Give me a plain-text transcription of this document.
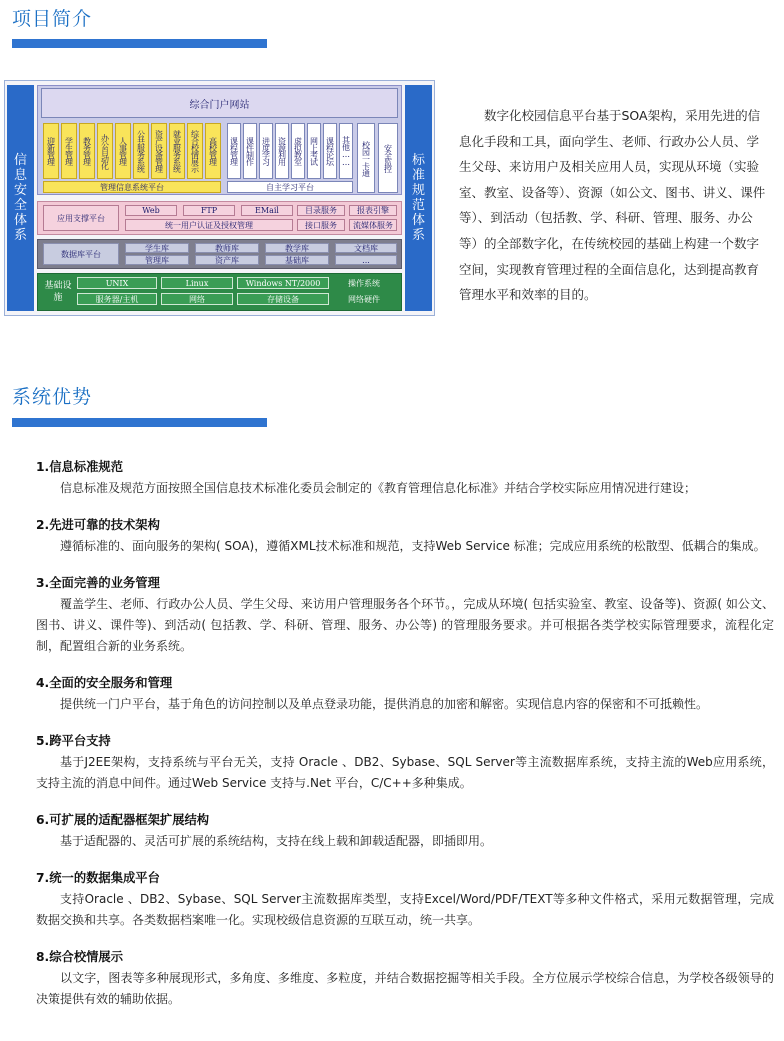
项目简介
信息安全体系
标准规范体系
综合门户网站
迎新管理	学生管理	教务管理	办公自动化	人事管理	公共服务系统	资产设备管理	就业服务系统	综合校情展示	高校管理
管理信息系统平台
课程管理 课件制作 进度学习 资源利用 虚拟教室 网上考试 课程论坛 其他……
自主学习平台
校园一卡通	安全监控
应用支撑平台
Web	FTP	EMail	目录服务	报表引擎
统一用户认证及授权管理	接口服务	流媒体服务
数据库平台
学生库	教师库	教学库	文档库
管理库	资产库	基础库	...
基础设施
UNIX	Linux	Windows NT/2000	操作系统
服务器/主机	网络	存储设备	网络硬件
数字化校园信息平台基于SOA架构，采用先进的信息化手段和工具，面向学生、老师、行政办公人员、学生父母、来访用户及相关应用人员，实现从环境（实验室、教室、设备等）、资源（如公文、图书、讲义、课件等）、到活动（包括教、学、科研、管理、服务、办公等）的全部数字化，在传统校园的基础上构建一个数字空间，实现教育管理过程的全面信息化，达到提高教育管理水平和效率的目的。
系统优势
1.信息标准规范
信息标准及规范方面按照全国信息技术标准化委员会制定的《教育管理信息化标准》并结合学校实际应用情况进行建设；
2.先进可靠的技术架构
遵循标准的、面向服务的架构( SOA)，遵循XML技术标准和规范，支持Web Service 标准；完成应用系统的松散型、低耦合的集成。
3.全面完善的业务管理
覆盖学生、老师、行政办公人员、学生父母、来访用户管理服务各个环节。，完成从环境( 包括实验室、教室、设备等)、资源( 如公文、图书、讲义、课件等)、到活动( 包括教、学、科研、管理、服务、办公等) 的管理服务要求。并可根据各类学校实际管理要求，流程化定制，配置组合新的业务系统。
4.全面的安全服务和管理
提供统一门户平台，基于角色的访问控制以及单点登录功能，提供消息的加密和解密。实现信息内容的保密和不可抵赖性。
5.跨平台支持
基于J2EE架构，支持系统与平台无关，支持 Oracle 、DB2、Sybase、SQL Server等主流数据库系统，支持主流的Web应用系统，支持主流的消息中间件。通过Web Service 支持与.Net 平台，C/C++多种集成。
6.可扩展的适配器框架扩展结构
基于适配器的、灵活可扩展的系统结构，支持在线上载和卸载适配器，即插即用。
7.统一的数据集成平台
支持Oracle 、DB2、Sybase、SQL Server主流数据库类型，支持Excel/Word/PDF/TEXT等多种文件格式，采用元数据管理，完成数据交换和共享。各类数据档案唯一化。实现校级信息资源的互联互动，统一共享。
8.综合校情展示
以文字，图表等多种展现形式，多角度、多维度、多粒度，并结合数据挖掘等相关手段。全方位展示学校综合信息，为学校各级领导的决策提供有效的辅助依据。
